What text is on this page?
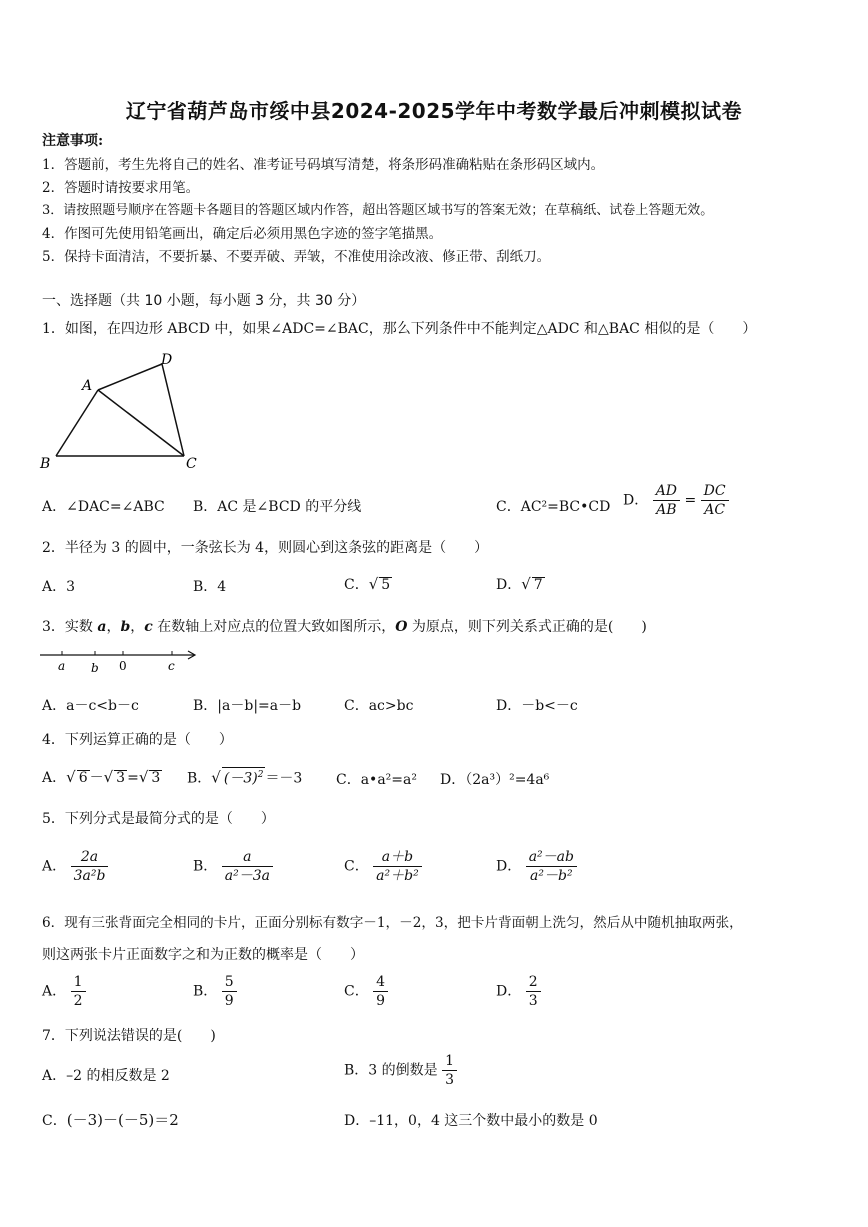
辽宁省葫芦岛市绥中县2024-2025学年中考数学最后冲刺模拟试卷
注意事项:
1．答题前，考生先将自己的姓名、准考证号码填写清楚，将条形码准确粘贴在条形码区域内。
2．答题时请按要求用笔。
3．请按照题号顺序在答题卡各题目的答题区域内作答，超出答题区域书写的答案无效；在草稿纸、试卷上答题无效。
4．作图可先使用铅笔画出，确定后必须用黑色字迹的签字笔描黑。
5．保持卡面清洁，不要折暴、不要弄破、弄皱，不准使用涂改液、修正带、刮纸刀。
一、选择题（共 10 小题，每小题 3 分，共 30 分）
1．如图，在四边形 ABCD 中，如果∠ADC=∠BAC，那么下列条件中不能判定△ADC 和△BAC 相似的是（　　）
A
B	C
D
A．∠DAC=∠ABC B．AC 是∠BCD 的平分线	C．AC²=BC•CD D． $\frac{AD}{AB} = \frac{DC}{AC}$
2．半径为 3 的圆中，一条弦长为 4，则圆心到这条弦的距离是（　　）
A．3	B．4	C．√ 5	D．√ 7
3．实数 a，b，c 在数轴上对应点的位置大致如图所示，O 为原点，则下列关系式正确的是(　　)
a b 0	c
A．a－c<b－c	B．|a－b|=a－b	C．ac>bc	D．－b<－c
4．下列运算正确的是（　　）
A．√ 6 －√ 3 =√ 3 B．√ $(-3)^2 =-3$ C．a•a²=a² D．（2a³）²=4a⁶
5．下列分式是最简分式的是（　　）
A． $\frac{2a}{\text{3a²b}}$	B． $\frac{a}{\text{a²－3a}}$	C． $\frac{a+b}{\text{a²＋b²}}$	D． $\frac{\text{a²－ab}}{\text{a²－b²}}$
6．现有三张背面完全相同的卡片，正面分别标有数字－1，－2，3，把卡片背面朝上洗匀，然后从中随机抽取两张，
则这两张卡片正面数字之和为正数的概率是（　　）
A． $\frac{1}{2}$	B． $\frac{5}{9}$	C． $\frac{4}{9}$	D． $\frac{2}{3}$
7．下列说法错误的是(　　)
A．–2 的相反数是 2	B．3 的倒数是 $\frac{1}{3}$
C．(－3)－(－5)＝2	D．–11，0，4 这三个数中最小的数是 0
